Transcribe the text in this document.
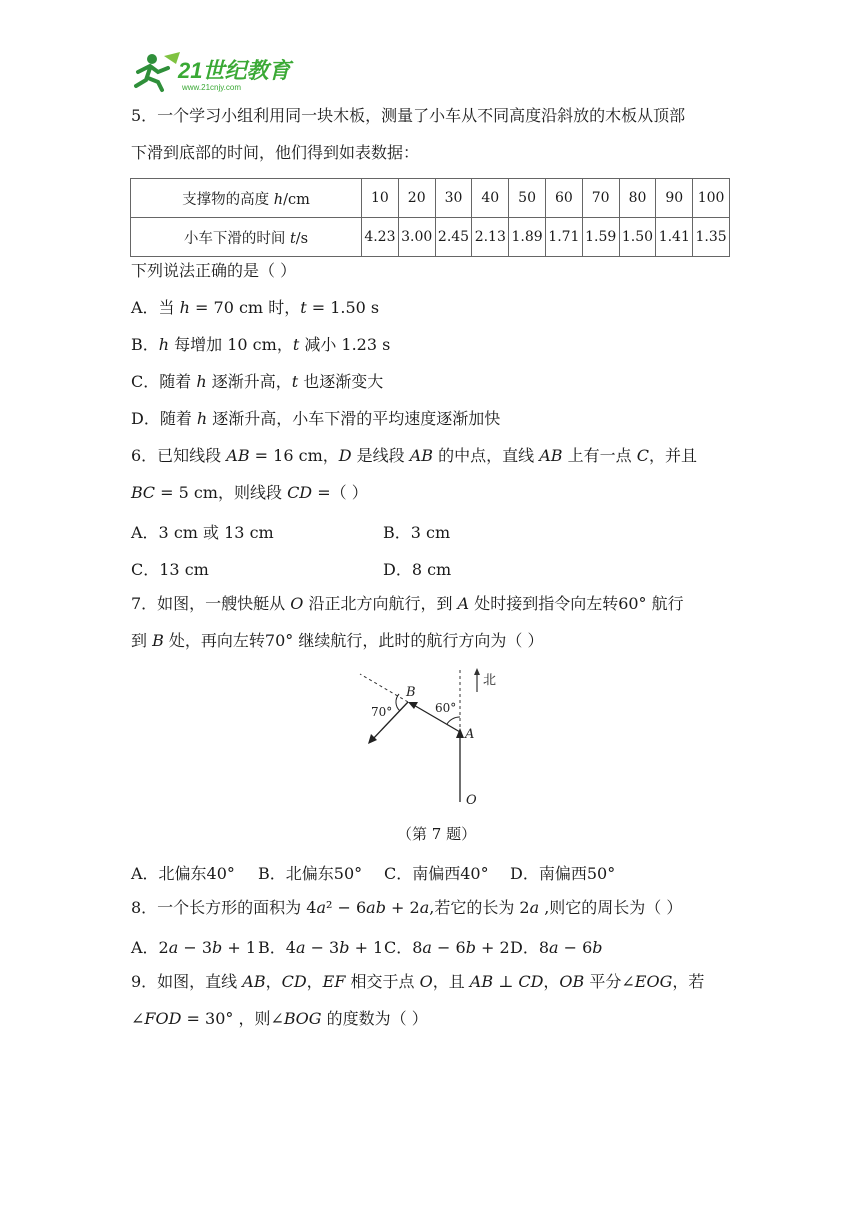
21世纪教育
www.21cnjy.com
5．一个学习小组利用同一块木板，测量了小车从不同高度沿斜放的木板从顶部
下滑到底部的时间，他们得到如表数据：
支撑物的高度 ℎ/cm	10	20	30	40	50	60	70	80	90	100
小车下滑的时间 𝑡/s	4.23	3.00	2.45	2.13	1.89	1.71	1.59	1.50	1.41	1.35
下列说法正确的是（ ）
A．当 ℎ = 70 cm 时，𝑡 = 1.50 s
B．ℎ 每增加 10 cm，𝑡 减小 1.23 s
C．随着 ℎ 逐渐升高，𝑡 也逐渐变大
D．随着 ℎ 逐渐升高，小车下滑的平均速度逐渐加快
6．已知线段 𝐴𝐵 = 16 cm，𝐷 是线段 𝐴𝐵 的中点，直线 𝐴𝐵 上有一点 𝐶，并且
𝐵𝐶 = 5 cm，则线段 𝐶𝐷 =（ ）
A．3 cm 或 13 cm	B．3 cm
C．13 cm	D．8 cm
7．如图，一艘快艇从 𝑂 沿正北方向航行，到 𝐴 处时接到指令向左转60° 航行
到 𝐵 处，再向左转70° 继续航行，此时的航行方向为（ ）
北
B
A
O
70°	60°
（第 7 题）
A．北偏东40° B．北偏东50° C．南偏西40° D．南偏西50°
8．一个长方形的面积为 4𝑎² − 6𝑎𝑏 + 2𝑎,若它的长为 2𝑎 ,则它的周长为（ ）
A．2𝑎 − 3𝑏 + 1 B．4𝑎 − 3𝑏 + 1 C．8𝑎 − 6𝑏 + 2 D．8𝑎 − 6𝑏
9．如图，直线 𝐴𝐵，𝐶𝐷，𝐸𝐹 相交于点 𝑂，且 𝐴𝐵 ⊥ 𝐶𝐷，𝑂𝐵 平分∠𝐸𝑂𝐺，若
∠𝐹𝑂𝐷 = 30° ，则∠𝐵𝑂𝐺 的度数为（ ）
